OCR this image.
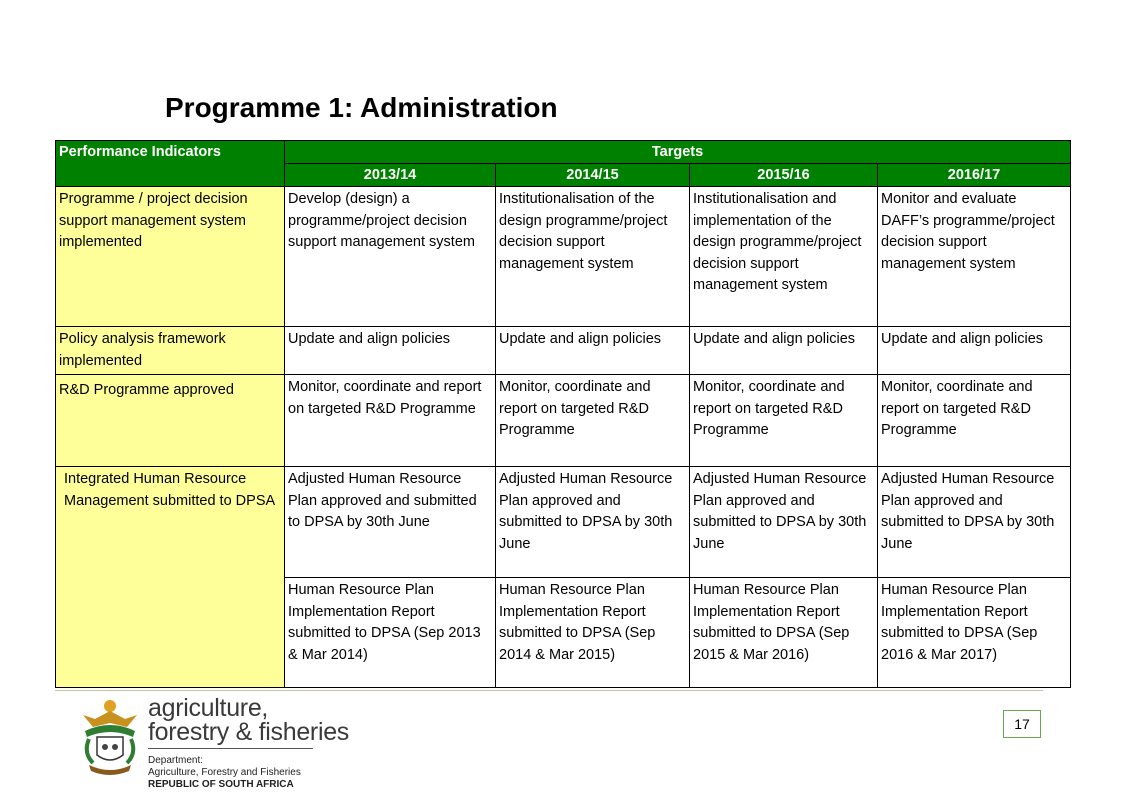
Programme 1: Administration
Performance Indicators	Targets			
	2013/14	2014/15	2015/16	2016/17
Programme / project decision support management system implemented	Develop (design) a programme/project decision support management system	Institutionalisation of the design programme/project decision support management system	Institutionalisation and implementation of the design programme/project decision support management system	Monitor and evaluate DAFF’s programme/project decision support management system
Policy analysis framework implemented	Update and align policies	Update and align policies	Update and align policies	Update and align policies
R&D Programme approved	Monitor, coordinate and report on targeted R&D Programme	Monitor, coordinate and report on targeted R&D Programme	Monitor, coordinate and report on targeted R&D Programme	Monitor, coordinate and report on targeted R&D Programme
Integrated Human Resource Management submitted to DPSA	Adjusted Human Resource Plan approved and submitted to DPSA by 30th June	Adjusted Human Resource Plan approved and submitted to DPSA by 30th June	Adjusted Human Resource Plan approved and submitted to DPSA by 30th June	Adjusted Human Resource Plan approved and submitted to DPSA by 30th June
	Human Resource Plan Implementation Report submitted to DPSA (Sep 2013 & Mar 2014)	Human Resource Plan Implementation Report submitted to DPSA (Sep 2014 & Mar 2015)	Human Resource Plan Implementation Report submitted to DPSA (Sep 2015 & Mar 2016)	Human Resource Plan Implementation Report submitted to DPSA (Sep 2016 & Mar 2017)
agriculture,
forestry & fisheries
Department:
Agriculture, Forestry and Fisheries
REPUBLIC OF SOUTH AFRICA
17
